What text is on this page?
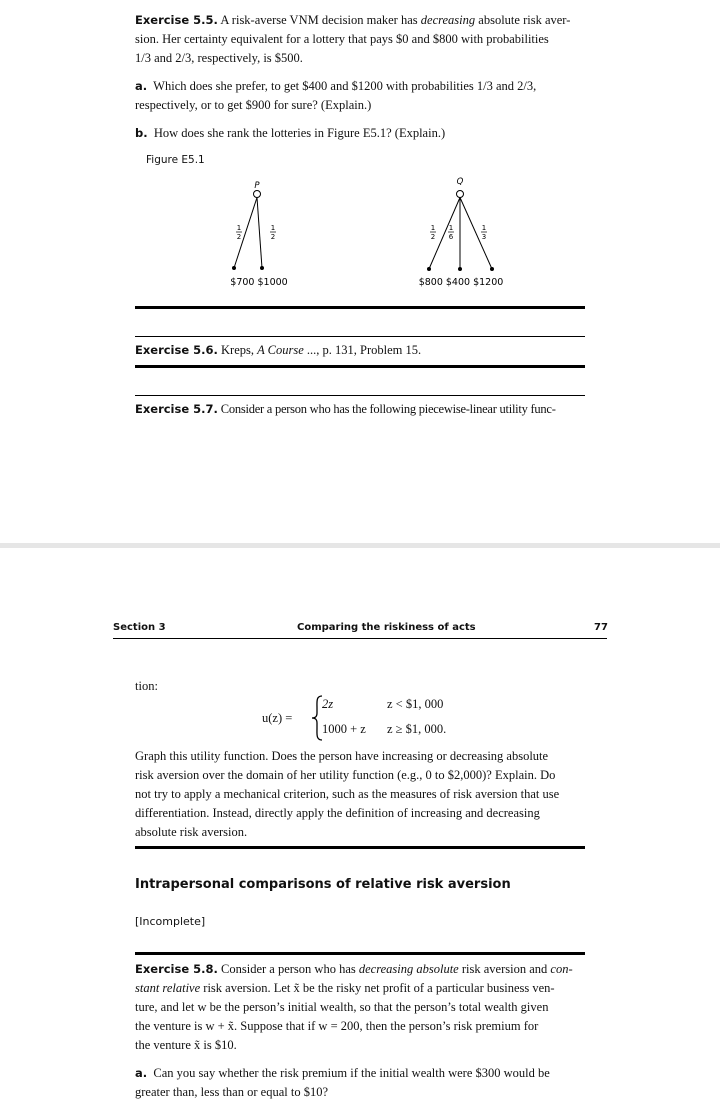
Exercise 5.5. A risk-averse VNM decision maker has decreasing absolute risk aver-
sion. Her certainty equivalent for a lottery that pays $0 and $800 with probabilities
1/3 and 2/3, respectively, is $500.
a. Which does she prefer, to get $400 and $1200 with probabilities 1/3 and 2/3,
respectively, or to get $900 for sure? (Explain.)
b. How does she rank the lotteries in Figure E5.1? (Explain.)
Figure E5.1
P
1
2
1
2
$700 $1000
Q
1
2
1
6
1
3
$800 $400 $1200
Exercise 5.6. Kreps, A Course ..., p. 131, Problem 15.
Exercise 5.7. Consider a person who has the following piecewise-linear utility func-
Section 3	Comparing the riskiness of acts	77
tion:
u(z) =
2z	z < $1, 000
1000 + z z ≥ $1, 000.
Graph this utility function. Does the person have increasing or decreasing absolute
risk aversion over the domain of her utility function (e.g., 0 to $2,000)? Explain. Do
not try to apply a mechanical criterion, such as the measures of risk aversion that use
differentiation. Instead, directly apply the definition of increasing and decreasing
absolute risk aversion.
Intrapersonal comparisons of relative risk aversion
[Incomplete]
Exercise 5.8. Consider a person who has decreasing absolute risk aversion and con-
stant relative risk aversion. Let x̃ be the risky net profit of a particular business ven-
ture, and let w be the person’s initial wealth, so that the person’s total wealth given
the venture is w + x̃. Suppose that if w = 200, then the person’s risk premium for
the venture x̃ is $10.
a. Can you say whether the risk premium if the initial wealth were $300 would be
greater than, less than or equal to $10?
